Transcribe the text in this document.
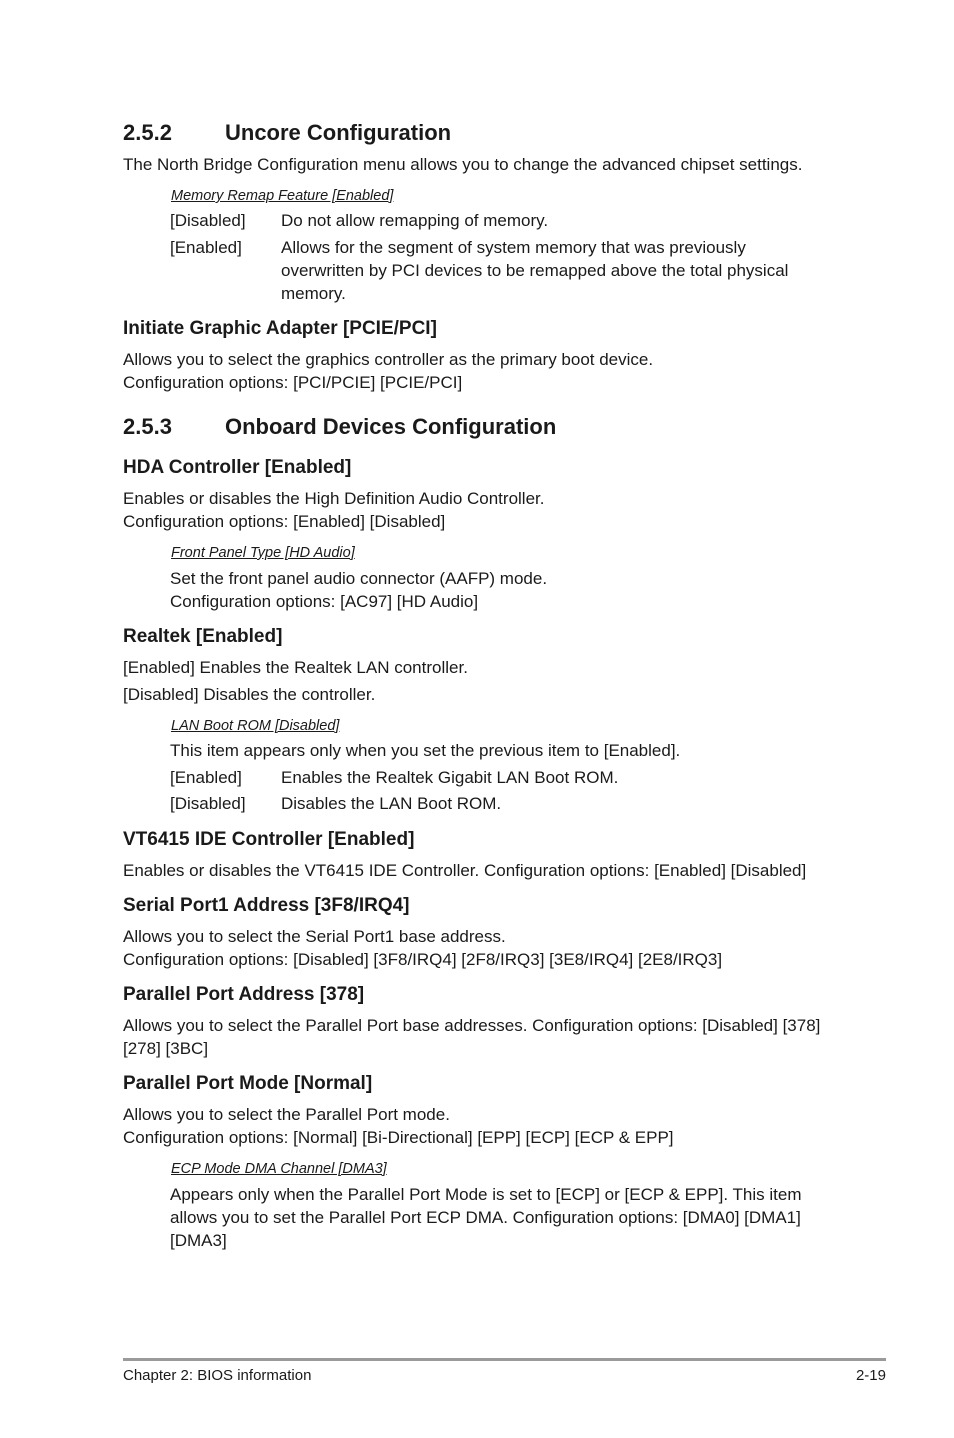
2.5.2 Uncore Configuration
The North Bridge Configuration menu allows you to change the advanced chipset settings.
Memory Remap Feature [Enabled]
[Disabled] Do not allow remapping of memory.
[Enabled] Allows for the segment of system memory that was previously
overwritten by PCI devices to be remapped above the total physical
memory.
Initiate Graphic Adapter [PCIE/PCI]
Allows you to select the graphics controller as the primary boot device.
Configuration options: [PCI/PCIE] [PCIE/PCI]
2.5.3 Onboard Devices Configuration
HDA Controller [Enabled]
Enables or disables the High Definition Audio Controller.
Configuration options: [Enabled] [Disabled]
Front Panel Type [HD Audio]
Set the front panel audio connector (AAFP) mode.
Configuration options: [AC97] [HD Audio]
Realtek [Enabled]
[Enabled] Enables the Realtek LAN controller.
[Disabled] Disables the controller.
LAN Boot ROM [Disabled]
This item appears only when you set the previous item to [Enabled].
[Enabled] Enables the Realtek Gigabit LAN Boot ROM.
[Disabled] Disables the LAN Boot ROM.
VT6415 IDE Controller [Enabled]
Enables or disables the VT6415 IDE Controller. Configuration options: [Enabled] [Disabled]
Serial Port1 Address [3F8/IRQ4]
Allows you to select the Serial Port1 base address.
Configuration options: [Disabled] [3F8/IRQ4] [2F8/IRQ3] [3E8/IRQ4] [2E8/IRQ3]
Parallel Port Address [378]
Allows you to select the Parallel Port base addresses. Configuration options: [Disabled] [378]
[278] [3BC]
Parallel Port Mode [Normal]
Allows you to select the Parallel Port mode.
Configuration options: [Normal] [Bi-Directional] [EPP] [ECP] [ECP & EPP]
ECP Mode DMA Channel [DMA3]
Appears only when the Parallel Port Mode is set to [ECP] or [ECP & EPP]. This item
allows you to set the Parallel Port ECP DMA. Configuration options: [DMA0] [DMA1]
[DMA3]
Chapter 2: BIOS information	2-19
